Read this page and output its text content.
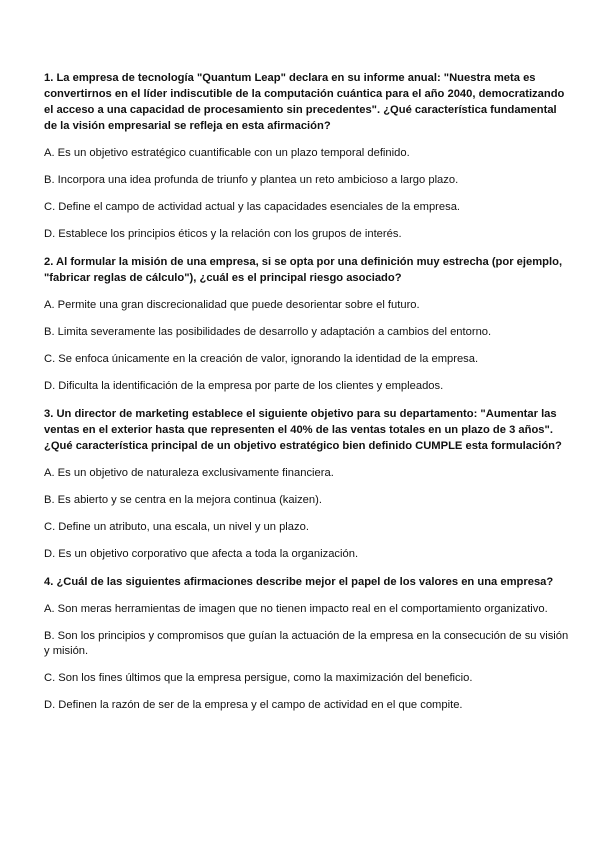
1. La empresa de tecnología "Quantum Leap" declara en su informe anual: "Nuestra meta es convertirnos en el líder indiscutible de la computación cuántica para el año 2040, democratizando el acceso a una capacidad de procesamiento sin precedentes". ¿Qué característica fundamental de la visión empresarial se refleja en esta afirmación?

A. Es un objetivo estratégico cuantificable con un plazo temporal definido.

B. Incorpora una idea profunda de triunfo y plantea un reto ambicioso a largo plazo.

C. Define el campo de actividad actual y las capacidades esenciales de la empresa.

D. Establece los principios éticos y la relación con los grupos de interés.

2. Al formular la misión de una empresa, si se opta por una definición muy estrecha (por ejemplo, "fabricar reglas de cálculo"), ¿cuál es el principal riesgo asociado?

A. Permite una gran discrecionalidad que puede desorientar sobre el futuro.

B. Limita severamente las posibilidades de desarrollo y adaptación a cambios del entorno.

C. Se enfoca únicamente en la creación de valor, ignorando la identidad de la empresa.

D. Dificulta la identificación de la empresa por parte de los clientes y empleados.

3. Un director de marketing establece el siguiente objetivo para su departamento: "Aumentar las ventas en el exterior hasta que representen el 40% de las ventas totales en un plazo de 3 años". ¿Qué característica principal de un objetivo estratégico bien definido CUMPLE esta formulación?

A. Es un objetivo de naturaleza exclusivamente financiera.

B. Es abierto y se centra en la mejora continua (kaizen).

C. Define un atributo, una escala, un nivel y un plazo.

D. Es un objetivo corporativo que afecta a toda la organización.

4. ¿Cuál de las siguientes afirmaciones describe mejor el papel de los valores en una empresa?

A. Son meras herramientas de imagen que no tienen impacto real en el comportamiento organizativo.

B. Son los principios y compromisos que guían la actuación de la empresa en la consecución de su visión y misión.

C. Son los fines últimos que la empresa persigue, como la maximización del beneficio.

D. Definen la razón de ser de la empresa y el campo de actividad en el que compite.
